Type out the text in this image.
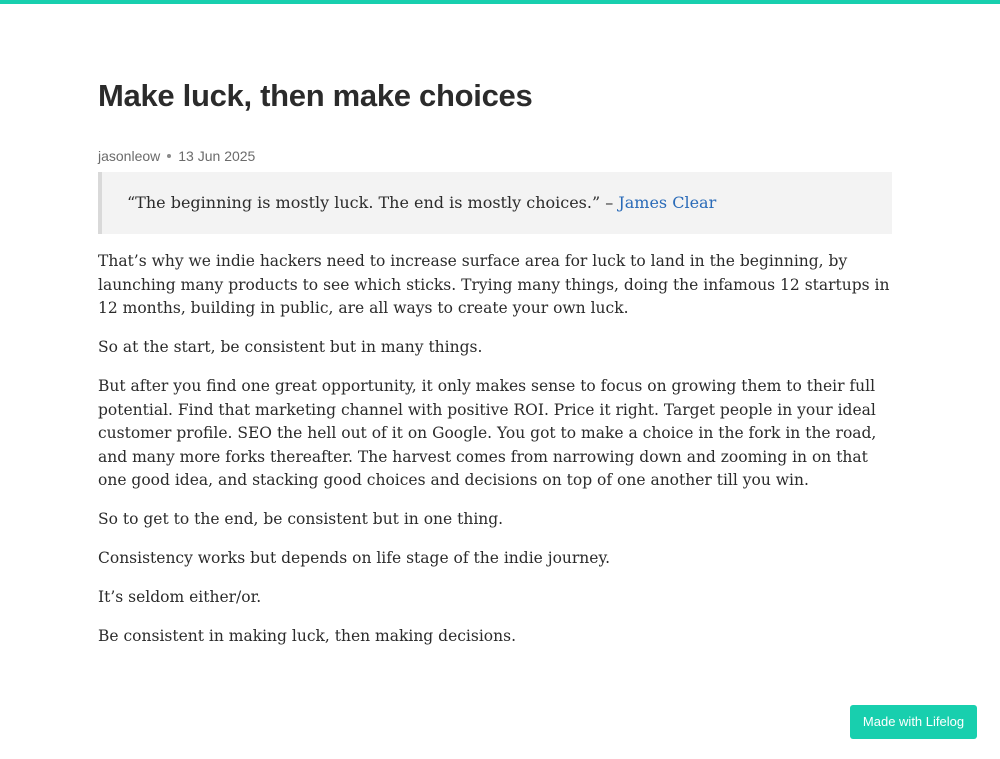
Make luck, then make choices
jasonleow 13 Jun 2025
“The beginning is mostly luck. The end is mostly choices.” – James Clear

That’s why we indie hackers need to increase surface area for luck to land in the beginning, by launching many products to see which sticks. Trying many things, doing the infamous 12 startups in 12 months, building in public, are all ways to create your own luck.

So at the start, be consistent but in many things.

But after you find one great opportunity, it only makes sense to focus on growing them to their full potential. Find that marketing channel with positive ROI. Price it right. Target people in your ideal customer profile. SEO the hell out of it on Google. You got to make a choice in the fork in the road, and many more forks thereafter. The harvest comes from narrowing down and zooming in on that one good idea, and stacking good choices and decisions on top of one another till you win.

So to get to the end, be consistent but in one thing.

Consistency works but depends on life stage of the indie journey.

It’s seldom either/or.

Be consistent in making luck, then making decisions.

Made with Lifelog
